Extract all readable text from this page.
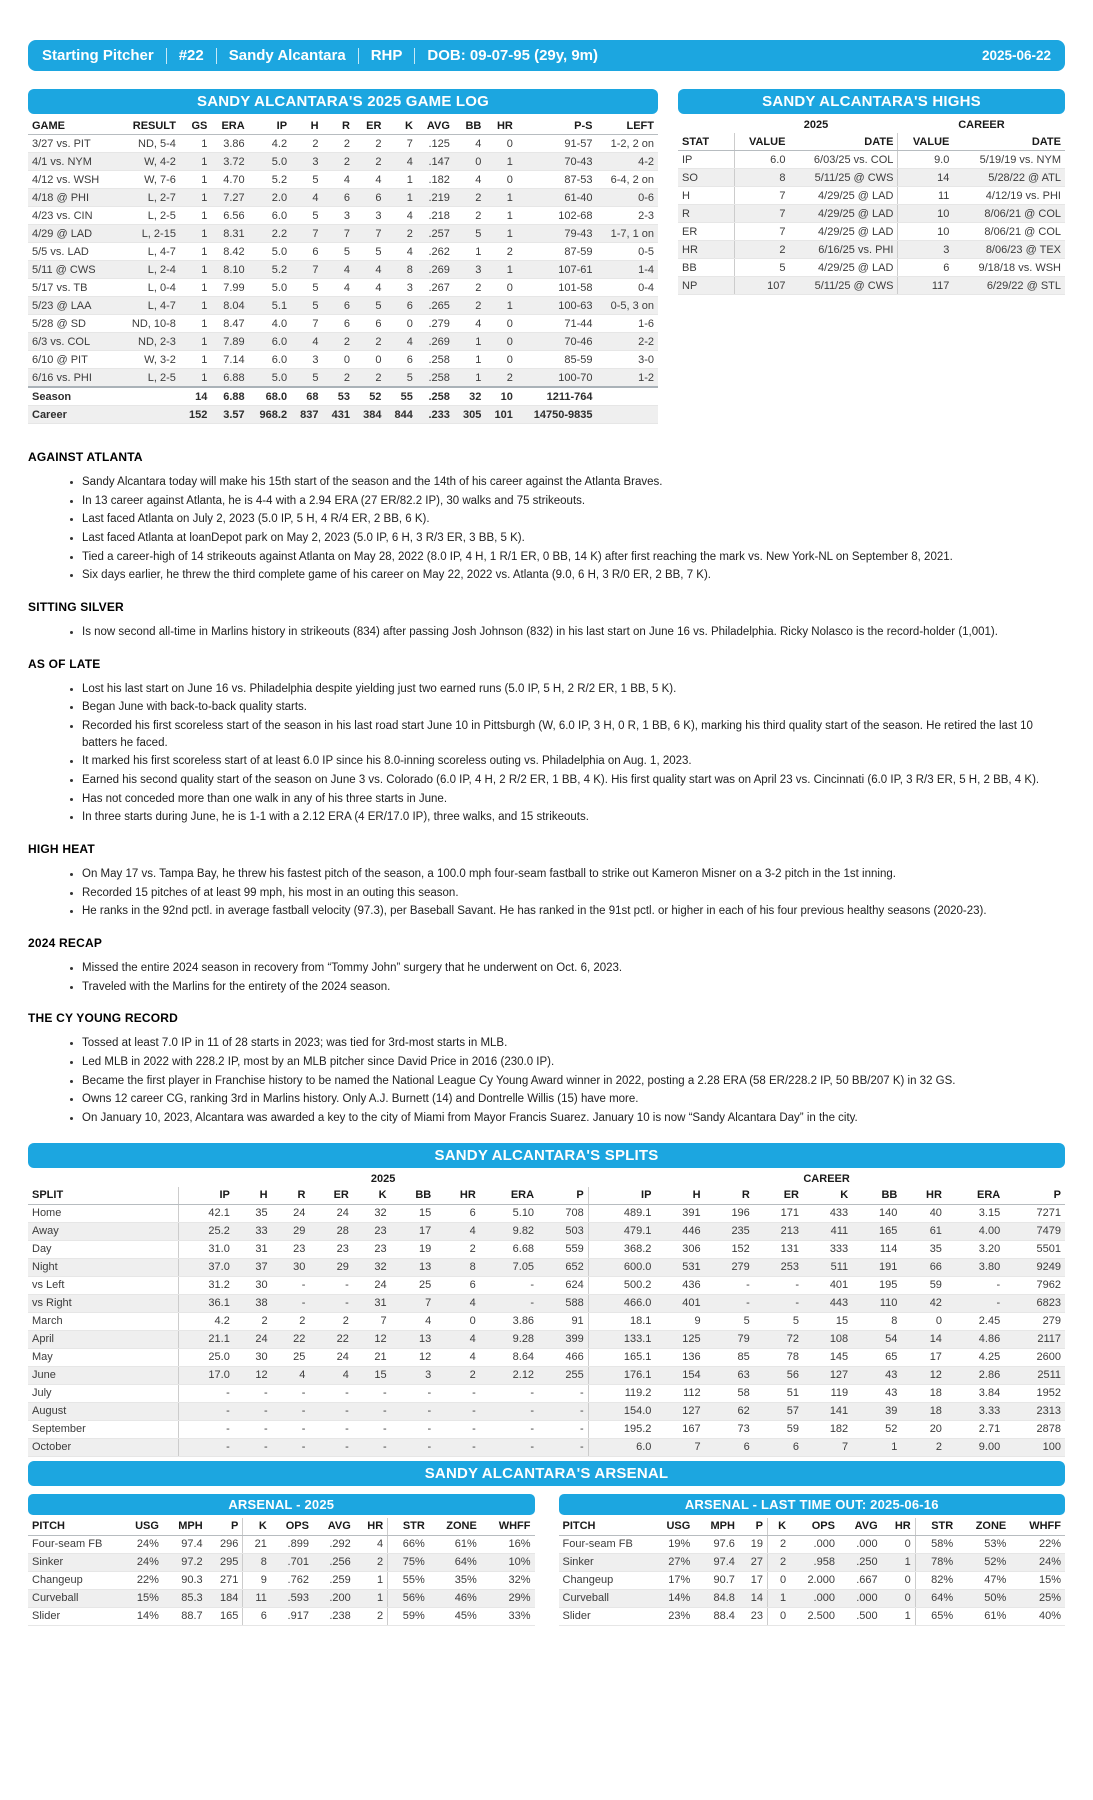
Starting Pitcher #22 Sandy Alcantara RHP DOB: 09-07-95 (29y, 9m)	2025-06-22
SANDY ALCANTARA'S 2025 GAME LOG
GAME	RESULT	GS	ERA	IP	H	R	ER	K	AVG	BB	HR	P-S	LEFT
3/27 vs. PIT	ND, 5-4	1	3.86	4.2	2	2	2	7	.125	4	0	91-57	1-2, 2 on
4/1 vs. NYM	W, 4-2	1	3.72	5.0	3	2	2	4	.147	0	1	70-43	4-2
4/12 vs. WSH	W, 7-6	1	4.70	5.2	5	4	4	1	.182	4	0	87-53	6-4, 2 on
4/18 @ PHI	L, 2-7	1	7.27	2.0	4	6	6	1	.219	2	1	61-40	0-6
4/23 vs. CIN	L, 2-5	1	6.56	6.0	5	3	3	4	.218	2	1	102-68	2-3
4/29 @ LAD	L, 2-15	1	8.31	2.2	7	7	7	2	.257	5	1	79-43	1-7, 1 on
5/5 vs. LAD	L, 4-7	1	8.42	5.0	6	5	5	4	.262	1	2	87-59	0-5
5/11 @ CWS	L, 2-4	1	8.10	5.2	7	4	4	8	.269	3	1	107-61	1-4
5/17 vs. TB	L, 0-4	1	7.99	5.0	5	4	4	3	.267	2	0	101-58	0-4
5/23 @ LAA	L, 4-7	1	8.04	5.1	5	6	5	6	.265	2	1	100-63	0-5, 3 on
5/28 @ SD	ND, 10-8	1	8.47	4.0	7	6	6	0	.279	4	0	71-44	1-6
6/3 vs. COL	ND, 2-3	1	7.89	6.0	4	2	2	4	.269	1	0	70-46	2-2
6/10 @ PIT	W, 3-2	1	7.14	6.0	3	0	0	6	.258	1	0	85-59	3-0
6/16 vs. PHI	L, 2-5	1	6.88	5.0	5	2	2	5	.258	1	2	100-70	1-2
Season		14	6.88	68.0	68	53	52	55	.258	32	10	1211-764	
Career		152	3.57	968.2	837	431	384	844	.233	305	101	14750-9835	
SANDY ALCANTARA'S HIGHS
	2025		CAREER	
STAT	VALUE	DATE	VALUE	DATE
IP	6.0	6/03/25 vs. COL	9.0	5/19/19 vs. NYM
SO	8	5/11/25 @ CWS	14	5/28/22 @ ATL
H	7	4/29/25 @ LAD	11	4/12/19 vs. PHI
R	7	4/29/25 @ LAD	10	8/06/21 @ COL
ER	7	4/29/25 @ LAD	10	8/06/21 @ COL
HR	2	6/16/25 vs. PHI	3	8/06/23 @ TEX
BB	5	4/29/25 @ LAD	6	9/18/18 vs. WSH
NP	107	5/11/25 @ CWS	117	6/29/22 @ STL
AGAINST ATLANTA
• Sandy Alcantara today will make his 15th start of the season and the 14th of his career against the Atlanta Braves.
• In 13 career against Atlanta, he is 4-4 with a 2.94 ERA (27 ER/82.2 IP), 30 walks and 75 strikeouts.
• Last faced Atlanta on July 2, 2023 (5.0 IP, 5 H, 4 R/4 ER, 2 BB, 6 K).
• Last faced Atlanta at loanDepot park on May 2, 2023 (5.0 IP, 6 H, 3 R/3 ER, 3 BB, 5 K).
• Tied a career-high of 14 strikeouts against Atlanta on May 28, 2022 (8.0 IP, 4 H, 1 R/1 ER, 0 BB, 14 K) after first reaching the mark vs. New York-NL on September 8, 2021.
• Six days earlier, he threw the third complete game of his career on May 22, 2022 vs. Atlanta (9.0, 6 H, 3 R/0 ER, 2 BB, 7 K).
SITTING SILVER
• Is now second all-time in Marlins history in strikeouts (834) after passing Josh Johnson (832) in his last start on June 16 vs. Philadelphia. Ricky Nolasco is the record-holder (1,001).
AS OF LATE
• Lost his last start on June 16 vs. Philadelphia despite yielding just two earned runs (5.0 IP, 5 H, 2 R/2 ER, 1 BB, 5 K).
• Began June with back-to-back quality starts.
• Recorded his first scoreless start of the season in his last road start June 10 in Pittsburgh (W, 6.0 IP, 3 H, 0 R, 1 BB, 6 K), marking his third quality start of the season. He retired the last 10 batters he faced.
• It marked his first scoreless start of at least 6.0 IP since his 8.0-inning scoreless outing vs. Philadelphia on Aug. 1, 2023.
• Earned his second quality start of the season on June 3 vs. Colorado (6.0 IP, 4 H, 2 R/2 ER, 1 BB, 4 K). His first quality start was on April 23 vs. Cincinnati (6.0 IP, 3 R/3 ER, 5 H, 2 BB, 4 K).
• Has not conceded more than one walk in any of his three starts in June.
• In three starts during June, he is 1-1 with a 2.12 ERA (4 ER/17.0 IP), three walks, and 15 strikeouts.
HIGH HEAT
• On May 17 vs. Tampa Bay, he threw his fastest pitch of the season, a 100.0 mph four-seam fastball to strike out Kameron Misner on a 3-2 pitch in the 1st inning.
• Recorded 15 pitches of at least 99 mph, his most in an outing this season.
• He ranks in the 92nd pctl. in average fastball velocity (97.3), per Baseball Savant. He has ranked in the 91st pctl. or higher in each of his four previous healthy seasons (2020-23).
2024 RECAP
• Missed the entire 2024 season in recovery from “Tommy John” surgery that he underwent on Oct. 6, 2023.
• Traveled with the Marlins for the entirety of the 2024 season.
THE CY YOUNG RECORD
• Tossed at least 7.0 IP in 11 of 28 starts in 2023; was tied for 3rd-most starts in MLB.
• Led MLB in 2022 with 228.2 IP, most by an MLB pitcher since David Price in 2016 (230.0 IP).
• Became the first player in Franchise history to be named the National League Cy Young Award winner in 2022, posting a 2.28 ERA (58 ER/228.2 IP, 50 BB/207 K) in 32 GS.
• Owns 12 career CG, ranking 3rd in Marlins history. Only A.J. Burnett (14) and Dontrelle Willis (15) have more.
• On January 10, 2023, Alcantara was awarded a key to the city of Miami from Mayor Francis Suarez. January 10 is now “Sandy Alcantara Day” in the city.
SANDY ALCANTARA'S SPLITS
	2025									CAREER								
SPLIT	IP	H	R	ER	K	BB	HR	ERA	P	IP	H	R	ER	K	BB	HR	ERA	P
Home	42.1	35	24	24	32	15	6	5.10	708	489.1	391	196	171	433	140	40	3.15	7271
Away	25.2	33	29	28	23	17	4	9.82	503	479.1	446	235	213	411	165	61	4.00	7479
Day	31.0	31	23	23	23	19	2	6.68	559	368.2	306	152	131	333	114	35	3.20	5501
Night	37.0	37	30	29	32	13	8	7.05	652	600.0	531	279	253	511	191	66	3.80	9249
vs Left	31.2	30	-	-	24	25	6	-	624	500.2	436	-	-	401	195	59	-	7962
vs Right	36.1	38	-	-	31	7	4	-	588	466.0	401	-	-	443	110	42	-	6823
March	4.2	2	2	2	7	4	0	3.86	91	18.1	9	5	5	15	8	0	2.45	279
April	21.1	24	22	22	12	13	4	9.28	399	133.1	125	79	72	108	54	14	4.86	2117
May	25.0	30	25	24	21	12	4	8.64	466	165.1	136	85	78	145	65	17	4.25	2600
June	17.0	12	4	4	15	3	2	2.12	255	176.1	154	63	56	127	43	12	2.86	2511
July	-	-	-	-	-	-	-	-	-	119.2	112	58	51	119	43	18	3.84	1952
August	-	-	-	-	-	-	-	-	-	154.0	127	62	57	141	39	18	3.33	2313
September	-	-	-	-	-	-	-	-	-	195.2	167	73	59	182	52	20	2.71	2878
October	-	-	-	-	-	-	-	-	-	6.0	7	6	6	7	1	2	9.00	100
SANDY ALCANTARA'S ARSENAL
ARSENAL - 2025
PITCH	USG	MPH	P	K	OPS	AVG	HR	STR	ZONE	WHFF
Four-seam FB	24%	97.4	296	21	.899	.292	4	66%	61%	16%
Sinker	24%	97.2	295	8	.701	.256	2	75%	64%	10%
Changeup	22%	90.3	271	9	.762	.259	1	55%	35%	32%
Curveball	15%	85.3	184	11	.593	.200	1	56%	46%	29%
Slider	14%	88.7	165	6	.917	.238	2	59%	45%	33%
ARSENAL - LAST TIME OUT: 2025-06-16
PITCH	USG	MPH	P	K	OPS	AVG	HR	STR	ZONE	WHFF
Four-seam FB	19%	97.6	19	2	.000	.000	0	58%	53%	22%
Sinker	27%	97.4	27	2	.958	.250	1	78%	52%	24%
Changeup	17%	90.7	17	0	2.000	.667	0	82%	47%	15%
Curveball	14%	84.8	14	1	.000	.000	0	64%	50%	25%
Slider	23%	88.4	23	0	2.500	.500	1	65%	61%	40%
